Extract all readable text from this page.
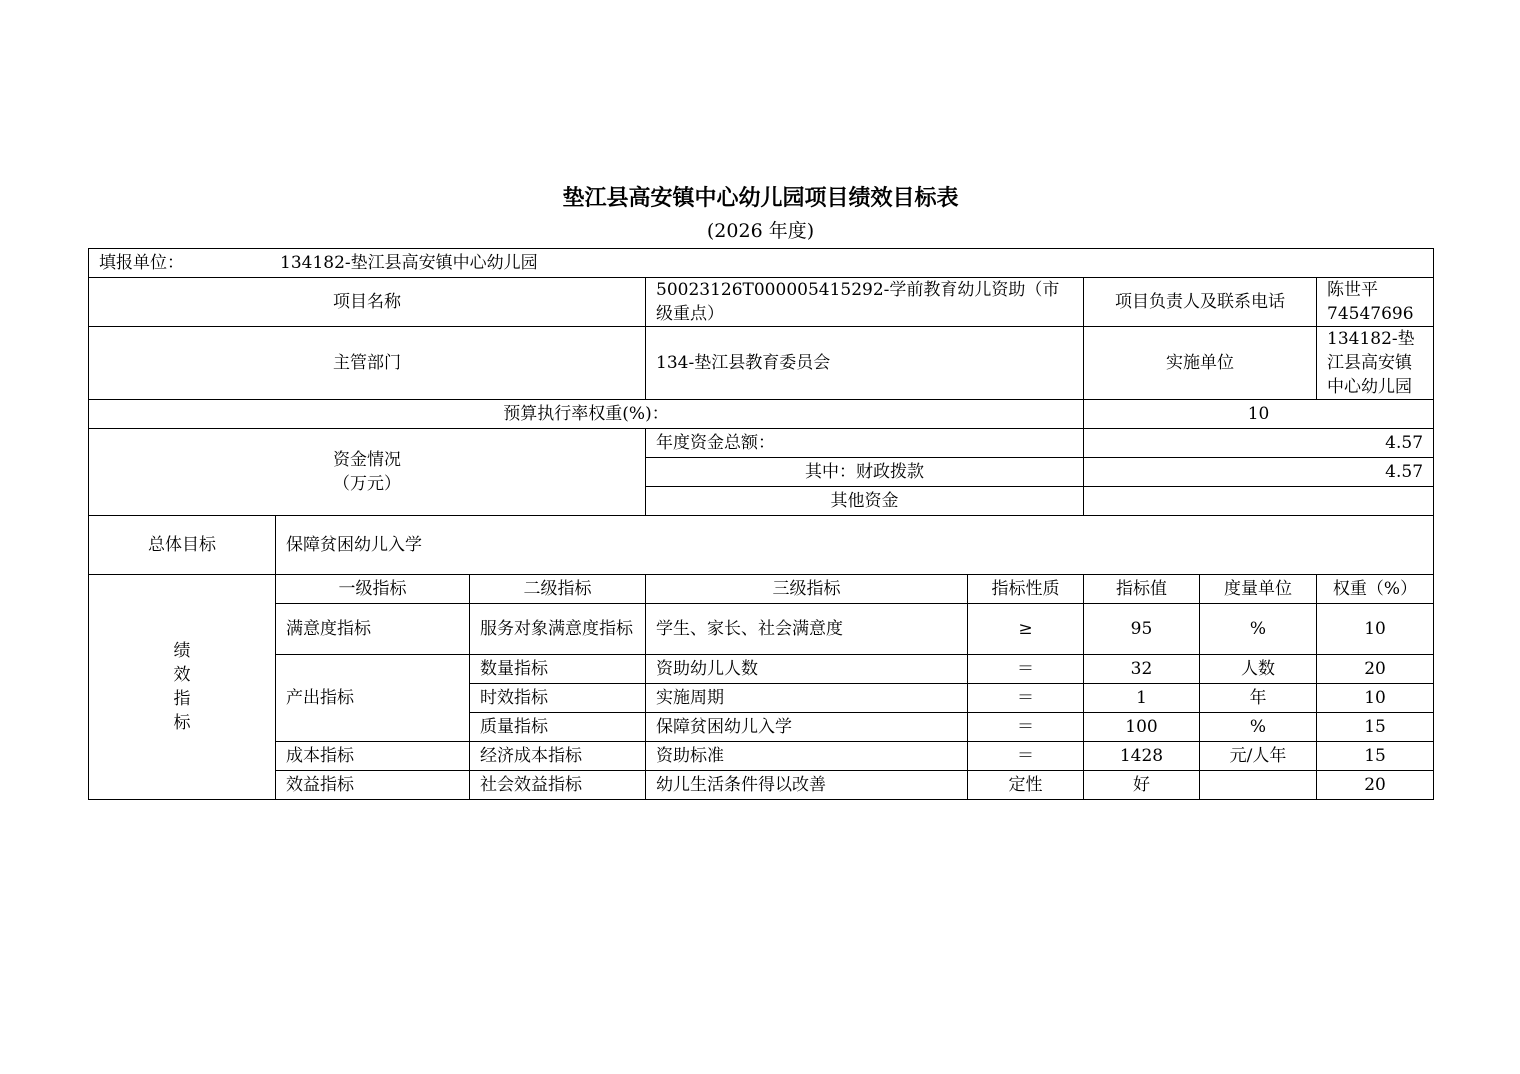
垫江县高安镇中心幼儿园项目绩效目标表
(2026 年度)
填报单位： 134182-垫江县高安镇中心幼儿园							
项目名称			50023126T000005415292-学前教育幼儿资助（市级重点）		项目负责人及联系电话		陈世平 74547696
主管部门			134-垫江县教育委员会		实施单位		134182-垫江县高安镇中心幼儿园
预算执行率权重(%)：					10		

资金情况
（万元）			年度资金总额：		4.57		
			其中：财政拨款		4.57		
			其他资金				
总体目标	保障贫困幼儿入学						

绩
效
指
标	一级指标	二级指标	三级指标	指标性质	指标值	度量单位	权重（%）
	满意度指标	服务对象满意度指标	学生、家长、社会满意度	≥	95	%	10
	产出指标	数量指标	资助幼儿人数	＝	32	人数	20
		时效指标	实施周期	＝	1	年	10
		质量指标	保障贫困幼儿入学	＝	100	%	15
	成本指标	经济成本指标	资助标准	＝	1428	元/人年	15
	效益指标	社会效益指标	幼儿生活条件得以改善	定性	好		20
